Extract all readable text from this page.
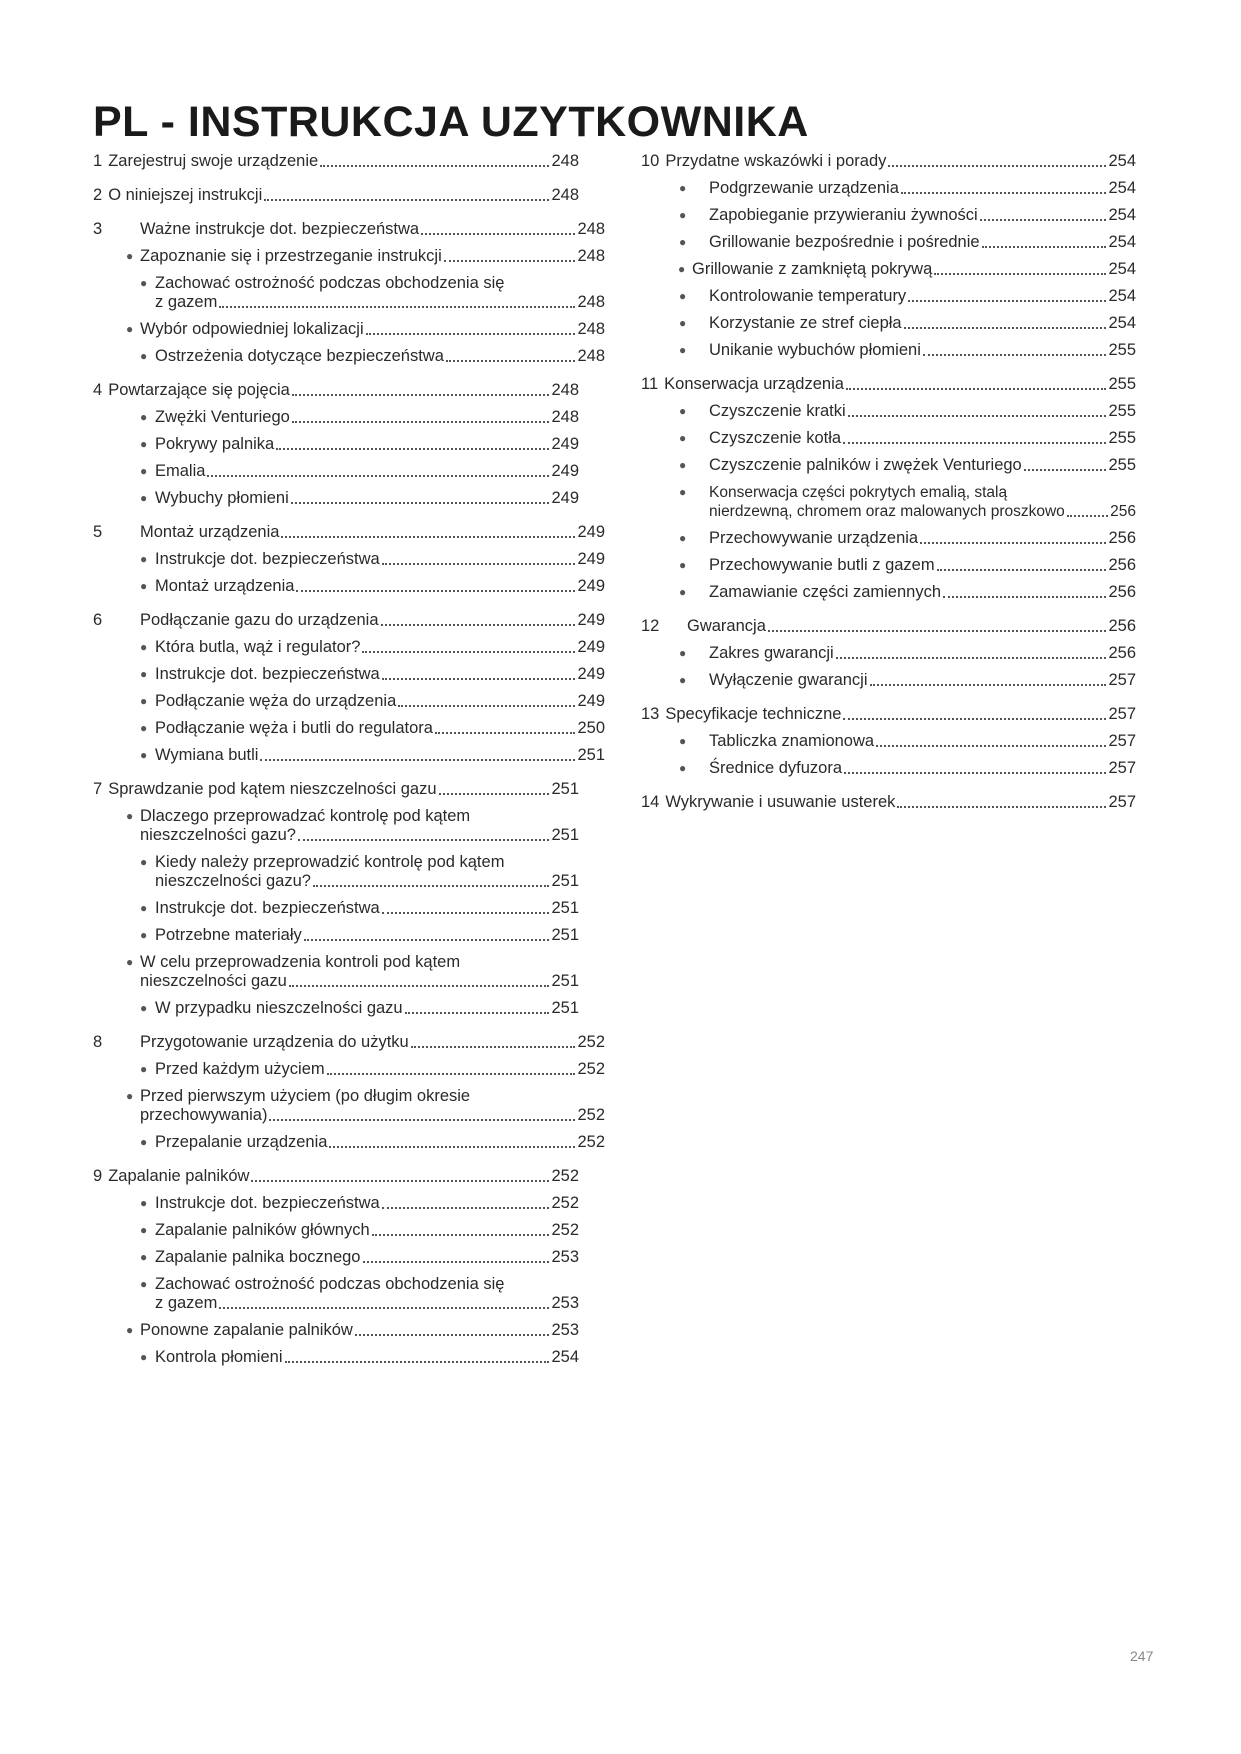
PL - INSTRUKCJA UZYTKOWNIKA
1 Zarejestruj swoje urządzenie	248
2 O niniejszej instrukcji	248
3	Ważne instrukcje dot. bezpieczeństwa	248
● Zapoznanie się i przestrzeganie instrukcji	248
● Zachować ostrożność podczas obchodzenia się
z gazem	248
● Wybór odpowiedniej lokalizacji	248
● Ostrzeżenia dotyczące bezpieczeństwa	248
4 Powtarzające się pojęcia	248
● Zwężki Venturiego	248
● Pokrywy palnika	249
● Emalia	249
● Wybuchy płomieni	249
5	Montaż urządzenia	249
● Instrukcje dot. bezpieczeństwa	249
● Montaż urządzenia	249
6	Podłączanie gazu do urządzenia	249
● Która butla, wąż i regulator?	249
● Instrukcje dot. bezpieczeństwa	249
● Podłączanie węża do urządzenia	249
● Podłączanie węża i butli do regulatora	250
● Wymiana butli	251
7 Sprawdzanie pod kątem nieszczelności gazu	251
● Dlaczego przeprowadzać kontrolę pod kątem
nieszczelności gazu?	251
● Kiedy należy przeprowadzić kontrolę pod kątem
nieszczelności gazu?	251
● Instrukcje dot. bezpieczeństwa	251
● Potrzebne materiały	251
● W celu przeprowadzenia kontroli pod kątem
nieszczelności gazu	251
● W przypadku nieszczelności gazu	251
8	Przygotowanie urządzenia do użytku	252
● Przed każdym użyciem	252
● Przed pierwszym użyciem (po długim okresie
przechowywania)	252
● Przepalanie urządzenia	252
9 Zapalanie palników	252
● Instrukcje dot. bezpieczeństwa	252
● Zapalanie palników głównych	252
● Zapalanie palnika bocznego	253
● Zachować ostrożność podczas obchodzenia się
z gazem	253
● Ponowne zapalanie palników	253
● Kontrola płomieni	254
10 Przydatne wskazówki i porady	254
●	Podgrzewanie urządzenia	254
●	Zapobieganie przywieraniu żywności	254
●	Grillowanie bezpośrednie i pośrednie	254
● Grillowanie z zamkniętą pokrywą	254
●	Kontrolowanie temperatury	254
●	Korzystanie ze stref ciepła	254
●	Unikanie wybuchów płomieni	255
11 Konserwacja urządzenia	255
●	Czyszczenie kratki	255
●	Czyszczenie kotła	255
●	Czyszczenie palników i zwężek Venturiego	255
●	Konserwacja części pokrytych emalią, stalą
nierdzewną, chromem oraz malowanych proszkowo	256
●	Przechowywanie urządzenia	256
●	Przechowywanie butli z gazem	256
●	Zamawianie części zamiennych	256
12	Gwarancja	256
●	Zakres gwarancji	256
●	Wyłączenie gwarancji	257
13 Specyfikacje techniczne	257
●	Tabliczka znamionowa	257
●	Średnice dyfuzora	257
14 Wykrywanie i usuwanie usterek	257
247
